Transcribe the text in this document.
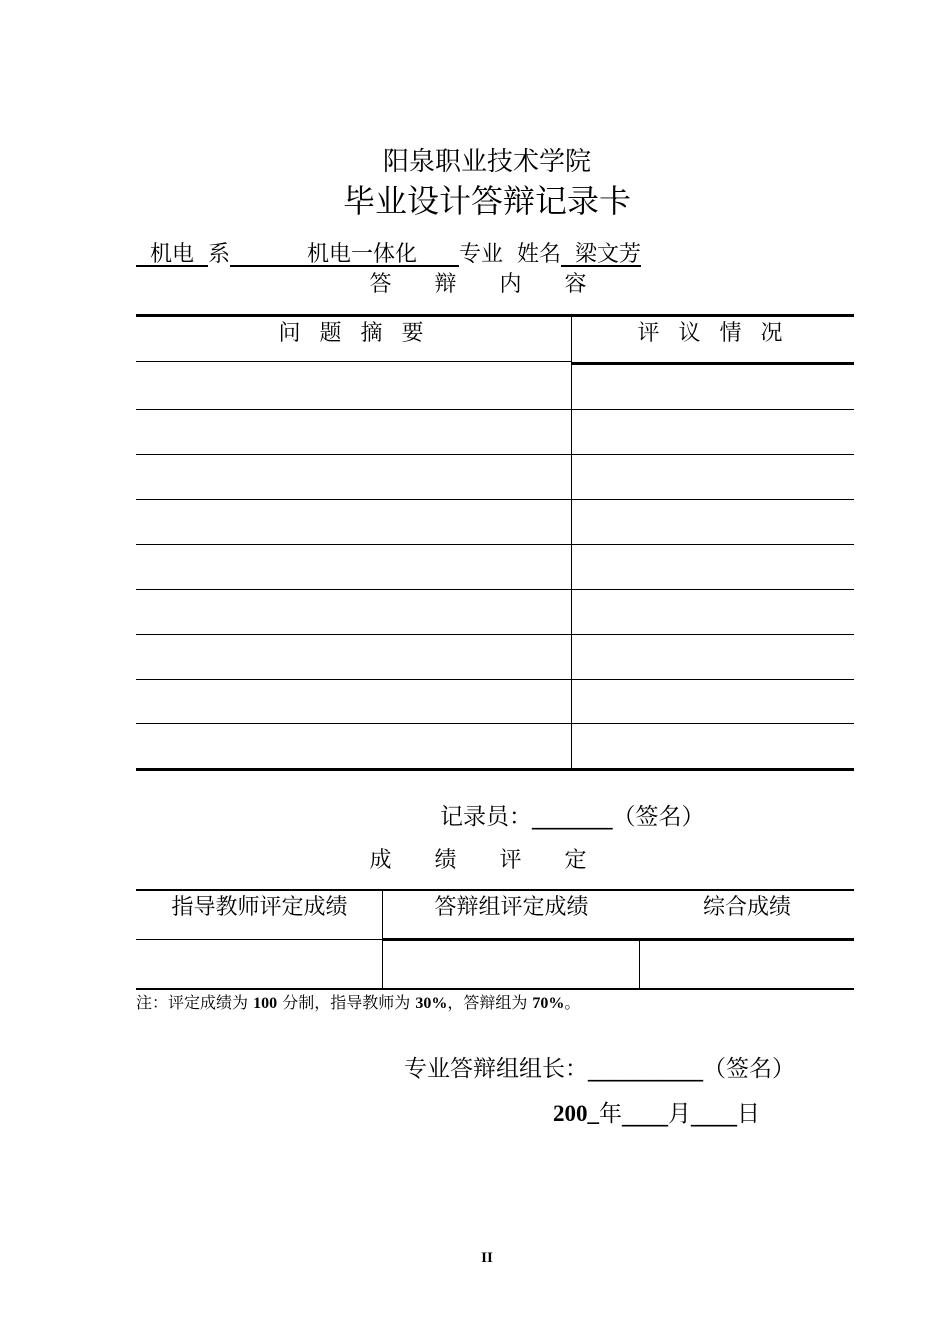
阳泉职业技术学院
毕业设计答辩记录卡
机电 系	机电一体化 专业 姓名 梁文芳
答 辩 内 容
问 题 摘 要	评 议 情 况
记录员：_______（签名）
成 绩 评 定
指导教师评定成绩	答辩组评定成绩	综合成绩
注：评定成绩为 100 分制，指导教师为 30%，答辩组为 70%。
专业答辩组组长：__________（签名）
200_年____月____日
II
